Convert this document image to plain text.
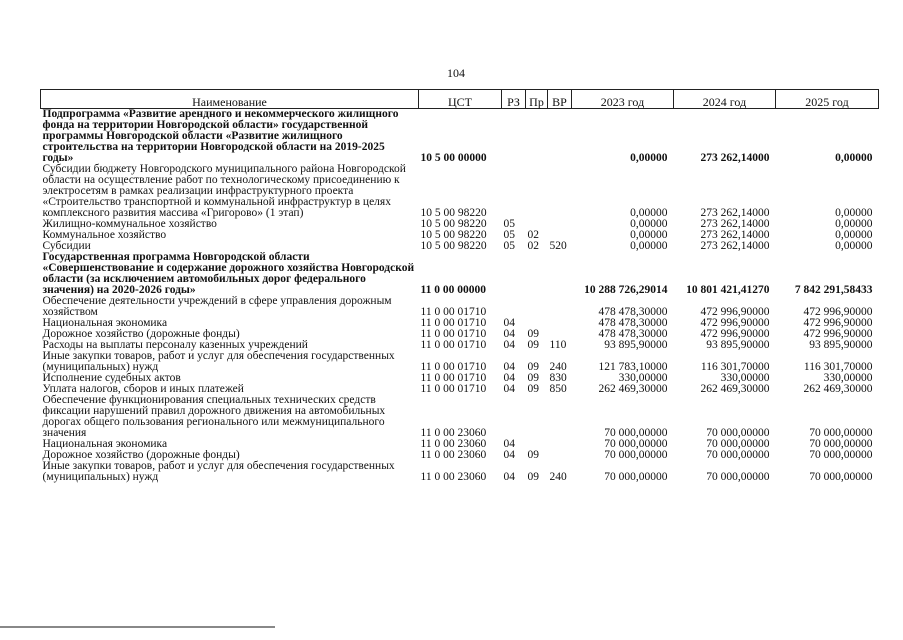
104
Наименование	ЦСТ	РЗ	Пр	ВР	2023 год	2024 год	2025 год
Подпрограмма «Развитие арендного и некоммерческого жилищного фонда на территории Новгородской области» государственной программы Новгородской области «Развитие жилищного строительства на территории Новгородской области на 2019-2025 годы»	10 5 00 00000				0,00000	273 262,14000	0,00000
Субсидии бюджету Новгородского муниципального района Новгородской области на осуществление работ по технологическому присоединению к электросетям в рамках реализации инфраструктурного проекта «Строительство транспортной и коммунальной инфраструктур в целях комплексного развития массива «Григорово» (1 этап)	10 5 00 98220				0,00000	273 262,14000	0,00000
Жилищно-коммунальное хозяйство	10 5 00 98220	05			0,00000	273 262,14000	0,00000
Коммунальное хозяйство	10 5 00 98220	05	02		0,00000	273 262,14000	0,00000
Субсидии	10 5 00 98220	05	02	520	0,00000	273 262,14000	0,00000
Государственная программа Новгородской области «Совершенствование и содержание дорожного хозяйства Новгородской области (за исключением автомобильных дорог федерального значения) на 2020-2026 годы»	11 0 00 00000				10 288 726,29014	10 801 421,41270	7 842 291,58433
Обеспечение деятельности учреждений в сфере управления дорожным хозяйством	11 0 00 01710				478 478,30000	472 996,90000	472 996,90000
Национальная экономика	11 0 00 01710	04			478 478,30000	472 996,90000	472 996,90000
Дорожное хозяйство (дорожные фонды)	11 0 00 01710	04	09		478 478,30000	472 996,90000	472 996,90000
Расходы на выплаты персоналу казенных учреждений	11 0 00 01710	04	09	110	93 895,90000	93 895,90000	93 895,90000
Иные закупки товаров, работ и услуг для обеспечения государственных (муниципальных) нужд	11 0 00 01710	04	09	240	121 783,10000	116 301,70000	116 301,70000
Исполнение судебных актов	11 0 00 01710	04	09	830	330,00000	330,00000	330,00000
Уплата налогов, сборов и иных платежей	11 0 00 01710	04	09	850	262 469,30000	262 469,30000	262 469,30000
Обеспечение функционирования специальных технических средств фиксации нарушений правил дорожного движения на автомобильных дорогах общего пользования регионального или межмуниципального значения	11 0 00 23060				70 000,00000	70 000,00000	70 000,00000
Национальная экономика	11 0 00 23060	04			70 000,00000	70 000,00000	70 000,00000
Дорожное хозяйство (дорожные фонды)	11 0 00 23060	04	09		70 000,00000	70 000,00000	70 000,00000
Иные закупки товаров, работ и услуг для обеспечения государственных (муниципальных) нужд	11 0 00 23060	04	09	240	70 000,00000	70 000,00000	70 000,00000
